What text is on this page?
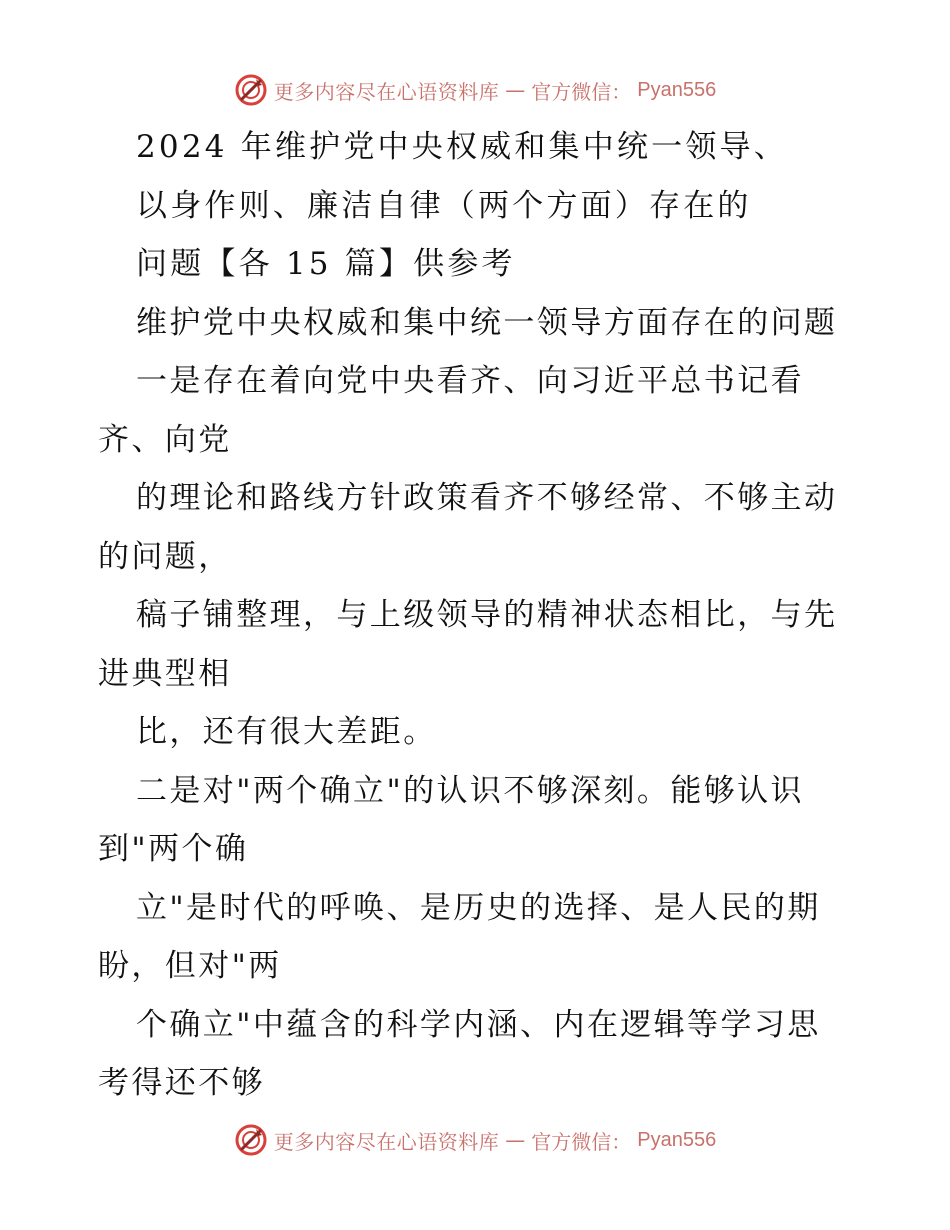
更多内容尽在心语资料库 — 官方微信： Pyan556
2024 年维护党中央权威和集中统一领导、
以身作则、廉洁自律（两个方面）存在的
问题【各 15 篇】供参考
维护党中央权威和集中统一领导方面存在的问题
一是存在着向党中央看齐、向习近平总书记看
齐、向党
的理论和路线方针政策看齐不够经常、不够主动
的问题，
稿子铺整理，与上级领导的精神状态相比，与先
进典型相
比，还有很大差距。
二是对"两个确立"的认识不够深刻。能够认识
到"两个确
立"是时代的呼唤、是历史的选择、是人民的期
盼，但对"两
个确立"中蕴含的科学内涵、内在逻辑等学习思
考得还不够
更多内容尽在心语资料库 — 官方微信： Pyan556
